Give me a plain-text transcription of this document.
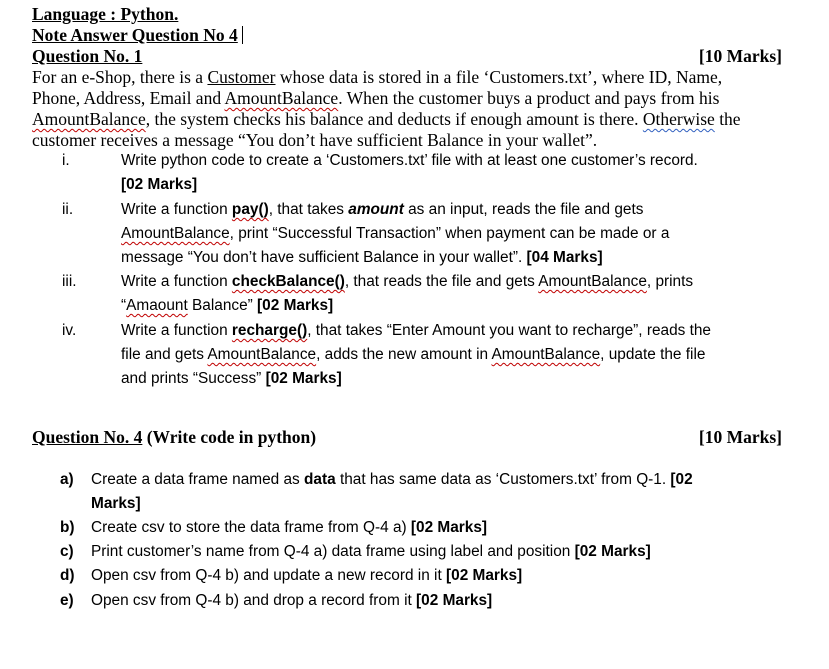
Language : Python.
Note Answer Question No 4
Question No. 1	[10 Marks]
For an e-Shop, there is a Customer whose data is stored in a file ‘Customers.txt’, where ID, Name,
Phone, Address, Email and AmountBalance. When the customer buys a product and pays from his
AmountBalance, the system checks his balance and deducts if enough amount is there. Otherwise the
customer receives a message “You don’t have sufficient Balance in your wallet”.
i.	Write python code to create a ‘Customers.txt’ file with at least one customer’s record.
[02 Marks]
ii.	Write a function pay(), that takes amount as an input, reads the file and gets
AmountBalance, print “Successful Transaction” when payment can be made or a
message “You don’t have sufficient Balance in your wallet”. [04 Marks]
iii.	Write a function checkBalance(), that reads the file and gets AmountBalance, prints
“Amaount Balance” [02 Marks]
iv.	Write a function recharge(), that takes “Enter Amount you want to recharge”, reads the
file and gets AmountBalance, adds the new amount in AmountBalance, update the file
and prints “Success” [02 Marks]
Question No. 4 (Write code in python)	[10 Marks]
a) Create a data frame named as data that has same data as ‘Customers.txt’ from Q-1. [02
Marks]
b) Create csv to store the data frame from Q-4 a) [02 Marks]
c) Print customer’s name from Q-4 a) data frame using label and position [02 Marks]
d) Open csv from Q-4 b) and update a new record in it [02 Marks]
e) Open csv from Q-4 b) and drop a record from it [02 Marks]
